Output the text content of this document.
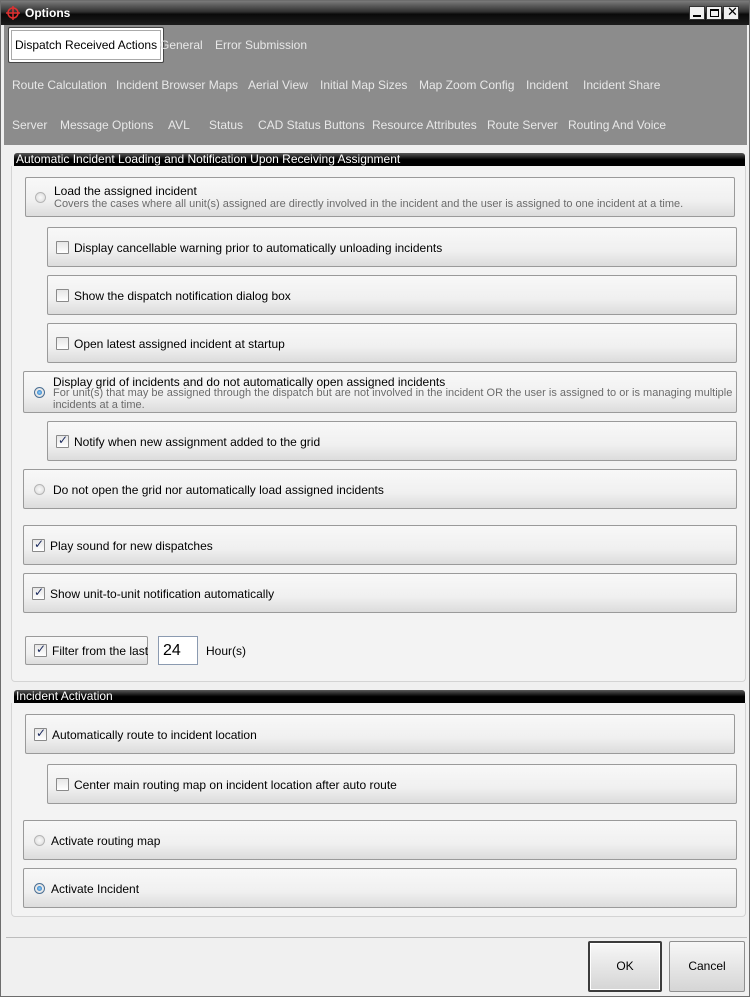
Options	✕
Dispatch Received Actions General	Error Submission
Route Calculation Incident Browser Maps Aerial View	Initial Map Sizes Map Zoom Config Incident	Incident Share
Server	Message Options	AVL	Status	CAD Status Buttons Resource Attributes Route Server Routing And Voice
Automatic Incident Loading and Notification Upon Receiving Assignment
Load the assigned incident
Covers the cases where all unit(s) assigned are directly involved in the incident and the user is assigned to one incident at a time.
Display cancellable warning prior to automatically unloading incidents
Show the dispatch notification dialog box
Open latest assigned incident at startup
Display grid of incidents and do not automatically open assigned incidents
For unit(s) that may be assigned through the dispatch but are not involved in the incident OR the user is assigned to or is managing multiple
incidents at a time.
✓
Notify when new assignment added to the grid
Do not open the grid nor automatically load assigned incidents
✓
Play sound for new dispatches
✓
Show unit-to-unit notification automatically
✓
Filter from the last 24	Hour(s)
Incident Activation
✓
Automatically route to incident location
Center main routing map on incident location after auto route
Activate routing map
Activate Incident
OK	Cancel
